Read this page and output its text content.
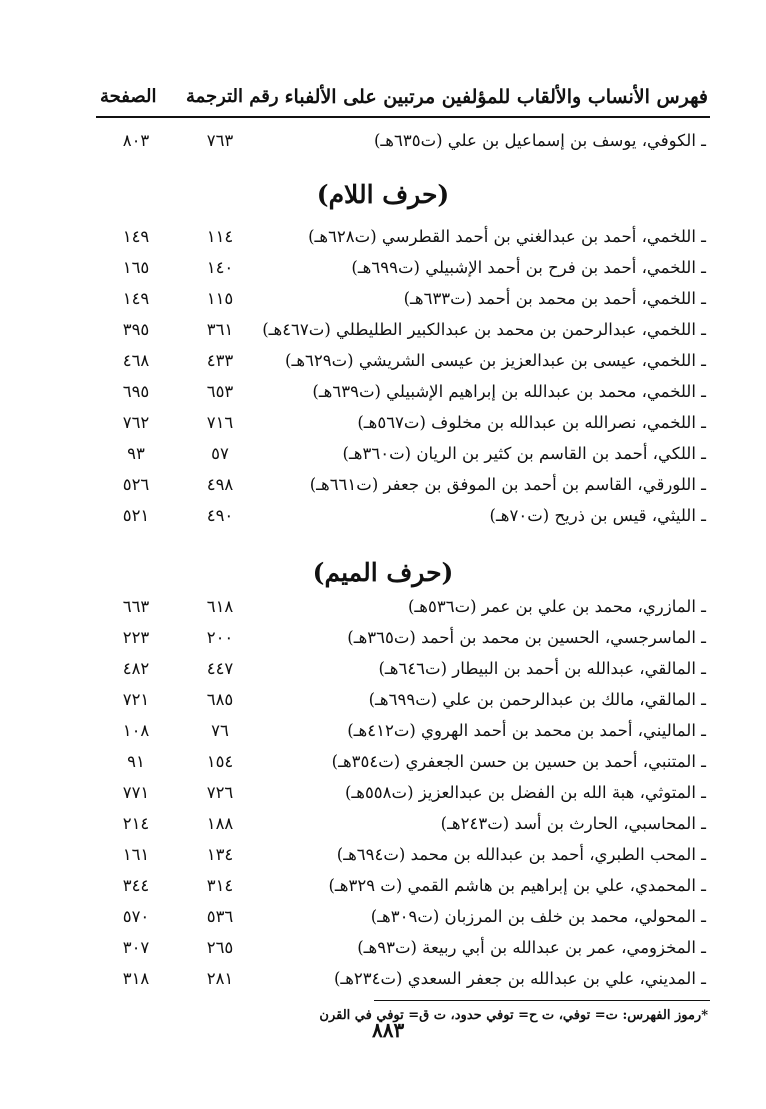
فهرس الأنساب والألقاب للمؤلفين مرتبين على الألفباء
رقم الترجمة
الصفحة
ـ الكوفي، يوسف بن إسماعيل بن علي (ت٦٣٥هـ)
٧٦٣
٨٠٣
(حرف اللام)
ـ اللخمي، أحمد بن عبدالغني بن أحمد القطرسي (ت٦٢٨هـ)
١١٤
١٤٩
ـ اللخمي، أحمد بن فرح بن أحمد الإشبيلي (ت٦٩٩هـ)
١٤٠
١٦٥
ـ اللخمي، أحمد بن محمد بن أحمد (ت٦٣٣هـ)
١١٥
١٤٩
ـ اللخمي، عبدالرحمن بن محمد بن عبدالكبير الطليطلي (ت٤٦٧هـ)
٣٦١
٣٩٥
ـ اللخمي، عيسى بن عبدالعزيز بن عيسى الشريشي (ت٦٢٩هـ)
٤٣٣
٤٦٨
ـ اللخمي، محمد بن عبدالله بن إبراهيم الإشبيلي (ت٦٣٩هـ)
٦٥٣
٦٩٥
ـ اللخمي، نصرالله بن عبدالله بن مخلوف (ت٥٦٧هـ)
٧١٦
٧٦٢
ـ اللكي، أحمد بن القاسم بن كثير بن الريان (ت٣٦٠هـ)
٥٧
٩٣
ـ اللورقي، القاسم بن أحمد بن الموفق بن جعفر (ت٦٦١هـ)
٤٩٨
٥٢٦
ـ الليثي، قيس بن ذريح (ت٧٠هـ)
٤٩٠
٥٢١
(حرف الميم)
ـ المازري، محمد بن علي بن عمر (ت٥٣٦هـ)
٦١٨
٦٦٣
ـ الماسرجسي، الحسين بن محمد بن أحمد (ت٣٦٥هـ)
٢٠٠
٢٢٣
ـ المالقي، عبدالله بن أحمد بن البيطار (ت٦٤٦هـ)
٤٤٧
٤٨٢
ـ المالقي، مالك بن عبدالرحمن بن علي (ت٦٩٩هـ)
٦٨٥
٧٢١
ـ الماليني، أحمد بن محمد بن أحمد الهروي (ت٤١٢هـ)
٧٦
١٠٨
ـ المتنبي، أحمد بن حسين بن حسن الجعفري (ت٣٥٤هـ)
١٥٤
٩١
ـ المتوثي، هبة الله بن الفضل بن عبدالعزيز (ت٥٥٨هـ)
٧٢٦
٧٧١
ـ المحاسبي، الحارث بن أسد (ت٢٤٣هـ)
١٨٨
٢١٤
ـ المحب الطبري، أحمد بن عبدالله بن محمد (ت٦٩٤هـ)
١٣٤
١٦١
ـ المحمدي، علي بن إبراهيم بن هاشم القمي (ت ٣٢٩هـ)
٣١٤
٣٤٤
ـ المحولي، محمد بن خلف بن المرزبان (ت٣٠٩هـ)
٥٣٦
٥٧٠
ـ المخزومي، عمر بن عبدالله بن أبي ربيعة (ت٩٣هـ)
٢٦٥
٣٠٧
ـ المديني، علي بن عبدالله بن جعفر السعدي (ت٢٣٤هـ)
٢٨١
٣١٨
*رموز الفهرس: ت= توفي، ت ح= توفي حدود، ت ق= توفي في القرن
٨٨٣
